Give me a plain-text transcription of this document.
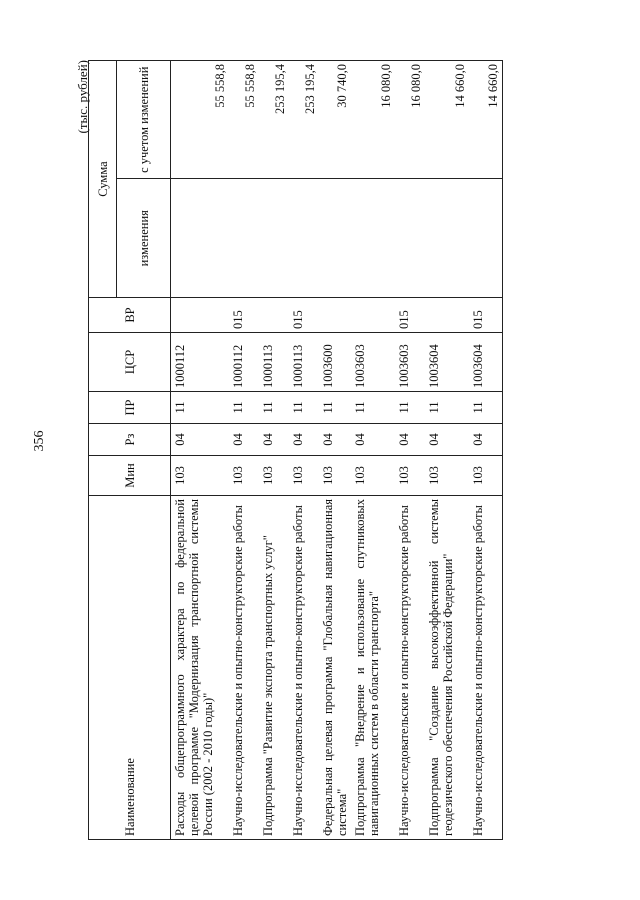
356
(тыс. рублей)
Наименование	Мин	Рз	ПР	ЦСР	ВР	Сумма	
						изменения	с учетом изменений
Расходы общепрограммного характера по федеральной целевой программе "Модернизация транспортной системы России (2002 - 2010 годы)"	103	04	11	1000112			55 558,8
Научно-исследовательские и опытно-конструкторские работы	103	04	11	1000112	015		55 558,8
Подпрограмма "Развитие экспорта транспортных услуг"	103	04	11	1000113			253 195,4
Научно-исследовательские и опытно-конструкторские работы	103	04	11	1000113	015		253 195,4
Федеральная целевая программа "Глобальная навигационная система"	103	04	11	1003600			30 740,0
Подпрограмма "Внедрение и использование спутниковых навигационных систем в области транспорта"	103	04	11	1003603			16 080,0
Научно-исследовательские и опытно-конструкторские работы	103	04	11	1003603	015		16 080,0
Подпрограмма "Создание высокоэффективной системы геодезического обеспечения Российской Федерации"	103	04	11	1003604			14 660,0
Научно-исследовательские и опытно-конструкторские работы	103	04	11	1003604	015		14 660,0
